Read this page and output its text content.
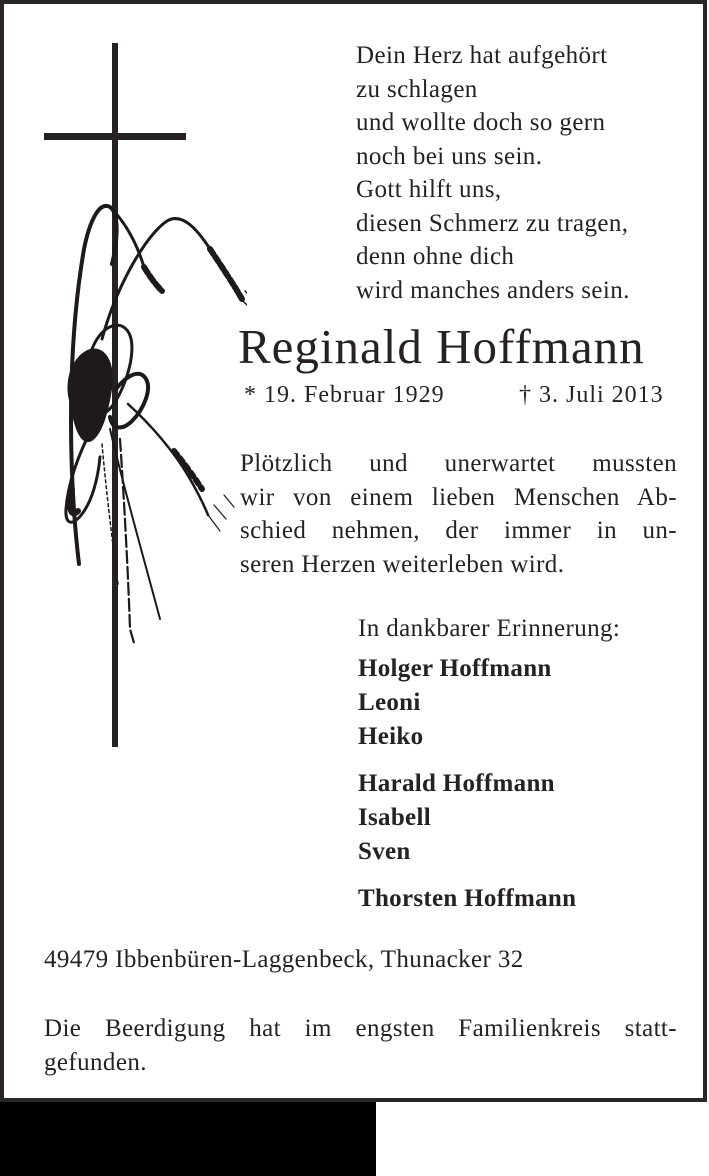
Dein Herz hat aufgehört
zu schlagen
und wollte doch so gern
noch bei uns sein.
Gott hilft uns,
diesen Schmerz zu tragen,
denn ohne dich
wird manches anders sein.
Reginald Hoffmann
* 19. Februar 1929	† 3. Juli 2013
Plötzlich und unerwartet mussten
wir von einem lieben Menschen Ab-
schied nehmen, der immer in un-
seren Herzen weiterleben wird.
In dankbarer Erinnerung:
Holger Hoffmann
Leoni
Heiko
Harald Hoffmann
Isabell
Sven
Thorsten Hoffmann
49479 Ibbenbüren-Laggenbeck, Thunacker 32
Die Beerdigung hat im engsten Familienkreis statt-
gefunden.
